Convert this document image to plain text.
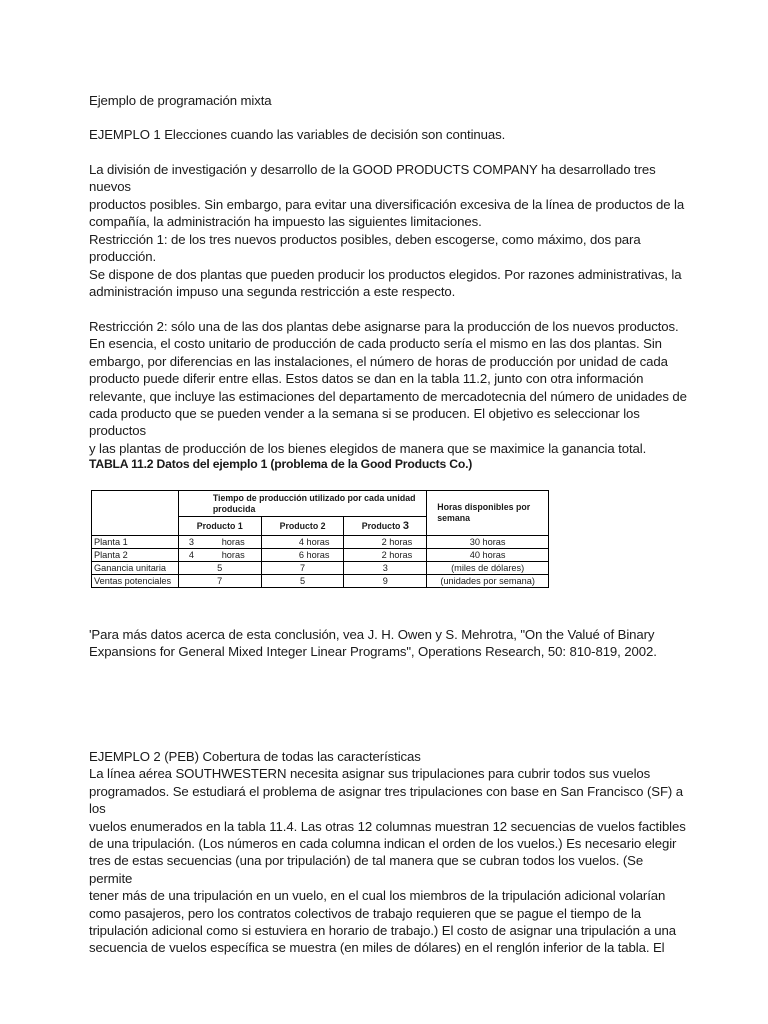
Ejemplo de programación mixta

EJEMPLO 1 Elecciones cuando las variables de decisión son continuas.

La división de investigación y desarrollo de la GOOD PRODUCTS COMPANY ha desarrollado tres nuevos

productos posibles. Sin embargo, para evitar una diversificación excesiva de la línea de productos de la

compañía, la administración ha impuesto las siguientes limitaciones.

Restricción 1: de los tres nuevos productos posibles, deben escogerse, como máximo, dos para

producción.

Se dispone de dos plantas que pueden producir los productos elegidos. Por razones administrativas, la

administración impuso una segunda restricción a este respecto.

Restricción 2: sólo una de las dos plantas debe asignarse para la producción de los nuevos productos.

En esencia, el costo unitario de producción de cada producto sería el mismo en las dos plantas. Sin

embargo, por diferencias en las instalaciones, el número de horas de producción por unidad de cada

producto puede diferir entre ellas. Estos datos se dan en la tabla 11.2, junto con otra información

relevante, que incluye las estimaciones del departamento de mercadotecnia del número de unidades de

cada producto que se pueden vender a la semana si se producen. El objetivo es seleccionar los productos

y las plantas de producción de los bienes elegidos de manera que se maximice la ganancia total.

TABLA 11.2 Datos del ejemplo 1 (problema de la Good Products Co.)

	Tiempo de producción utilizado por cada unidad producida			Horas disponibles por semana
	Producto 1	Producto 2	Producto 3	
Planta 1	3 horas	4 horas	2 horas	30 horas
Planta 2	4 horas	6 horas	2 horas	40 horas
Ganancia unitaria	5	7	3	(miles de dólares)
Ventas potenciales	7	5	9	(unidades por semana)

'Para más datos acerca de esta conclusión, vea J. H. Owen y S. Mehrotra, "On the Valué of Binary

Expansions for General Mixed Integer Linear Programs", Operations Research, 50: 810-819, 2002.

EJEMPLO 2 (PEB) Cobertura de todas las características

La línea aérea SOUTHWESTERN necesita asignar sus tripulaciones para cubrir todos sus vuelos

programados. Se estudiará el problema de asignar tres tripulaciones con base en San Francisco (SF) a los

vuelos enumerados en la tabla 11.4. Las otras 12 columnas muestran 12 secuencias de vuelos factibles

de una tripulación. (Los números en cada columna indican el orden de los vuelos.) Es necesario elegir

tres de estas secuencias (una por tripulación) de tal manera que se cubran todos los vuelos. (Se permite

tener más de una tripulación en un vuelo, en el cual los miembros de la tripulación adicional volarían

como pasajeros, pero los contratos colectivos de trabajo requieren que se pague el tiempo de la

tripulación adicional como si estuviera en horario de trabajo.) El costo de asignar una tripulación a una

secuencia de vuelos específica se muestra (en miles de dólares) en el renglón inferior de la tabla. El
